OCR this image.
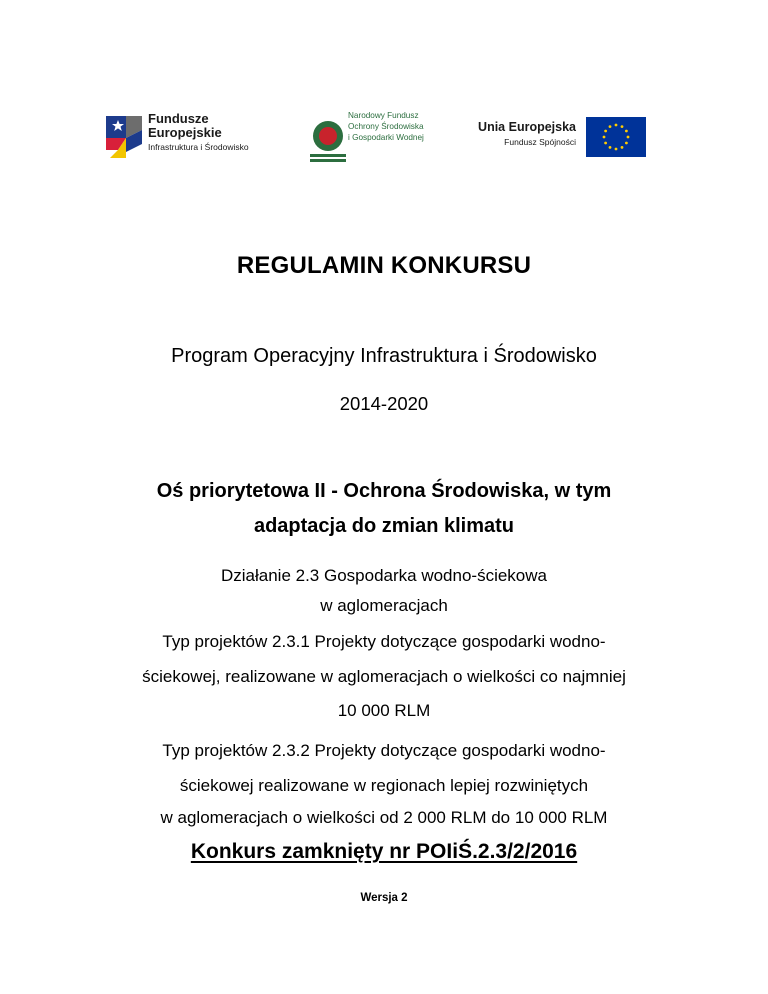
Fundusze
Europejskie
Infrastruktura i Środowisko
Narodowy Fundusz
Ochrony Środowiska
i Gospodarki Wodnej
Unia Europejska
Fundusz Spójności
REGULAMIN KONKURSU

Program Operacyjny Infrastruktura i Środowisko

2014-2020

Oś priorytetowa II - Ochrona Środowiska, w tym

adaptacja do zmian klimatu

Działanie 2.3 Gospodarka wodno-ściekowa

w aglomeracjach

Typ projektów 2.3.1 Projekty dotyczące gospodarki wodno-

ściekowej, realizowane w aglomeracjach o wielkości co najmniej

10 000 RLM

Typ projektów 2.3.2 Projekty dotyczące gospodarki wodno-

ściekowej realizowane w regionach lepiej rozwiniętych

w aglomeracjach o wielkości od 2 000 RLM do 10 000 RLM

Konkurs zamknięty nr POIiŚ.2.3/2/2016

Wersja 2
